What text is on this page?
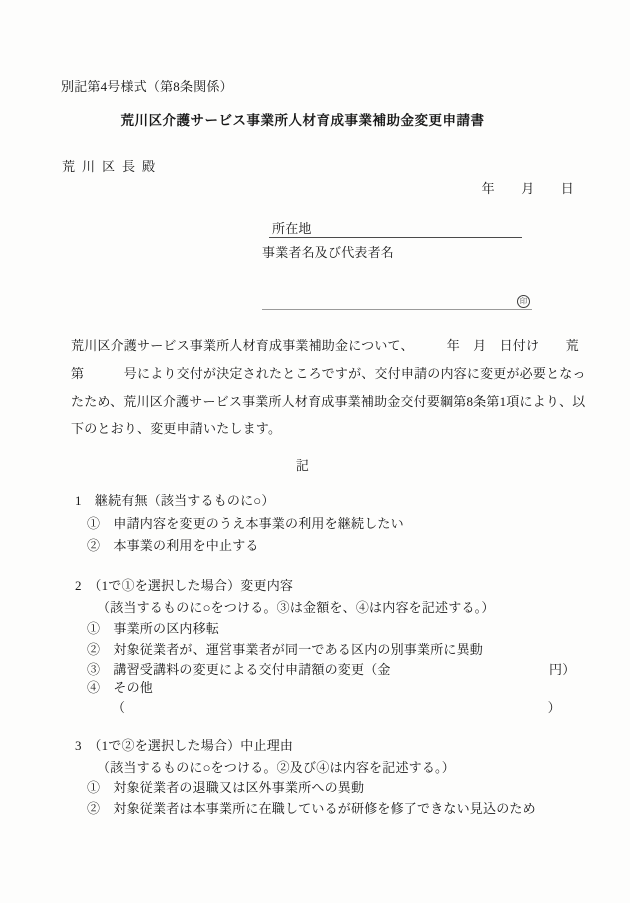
別記第4号様式（第8条関係）
荒川区介護サービス事業所人材育成事業補助金変更申請書
荒川区長殿
年　　月　　日

所在地

事業者名及び代表者名
印
荒川区介護サービス事業所人材育成事業補助金について、　　　年　月　日付け　　荒
第　　　号により交付が決定されたところですが、交付申請の内容に変更が必要となっ
たため、荒川区介護サービス事業所人材育成事業補助金交付要綱第8条第1項により、以
下のとおり、変更申請いたします。
記
1　継続有無（該当するものに○）
①　申請内容を変更のうえ本事業の利用を継続したい
②　本事業の利用を中止する
2　（1で①を選択した場合）変更内容
（該当するものに○をつける。③は金額を、④は内容を記述する。）
①　事業所の区内移転
②　対象従業者が、運営事業者が同一である区内の別事業所に異動
③　講習受講料の変更による交付申請額の変更（金　　　　　　　　　　　　円）
④　その他
（　　　　　　　　　　　　　　　　　　　　　　　　　　　　　　　　）
3　（1で②を選択した場合）中止理由
（該当するものに○をつける。②及び④は内容を記述する。）
①　対象従業者の退職又は区外事業所への異動
②　対象従業者は本事業所に在職しているが研修を修了できない見込のため
